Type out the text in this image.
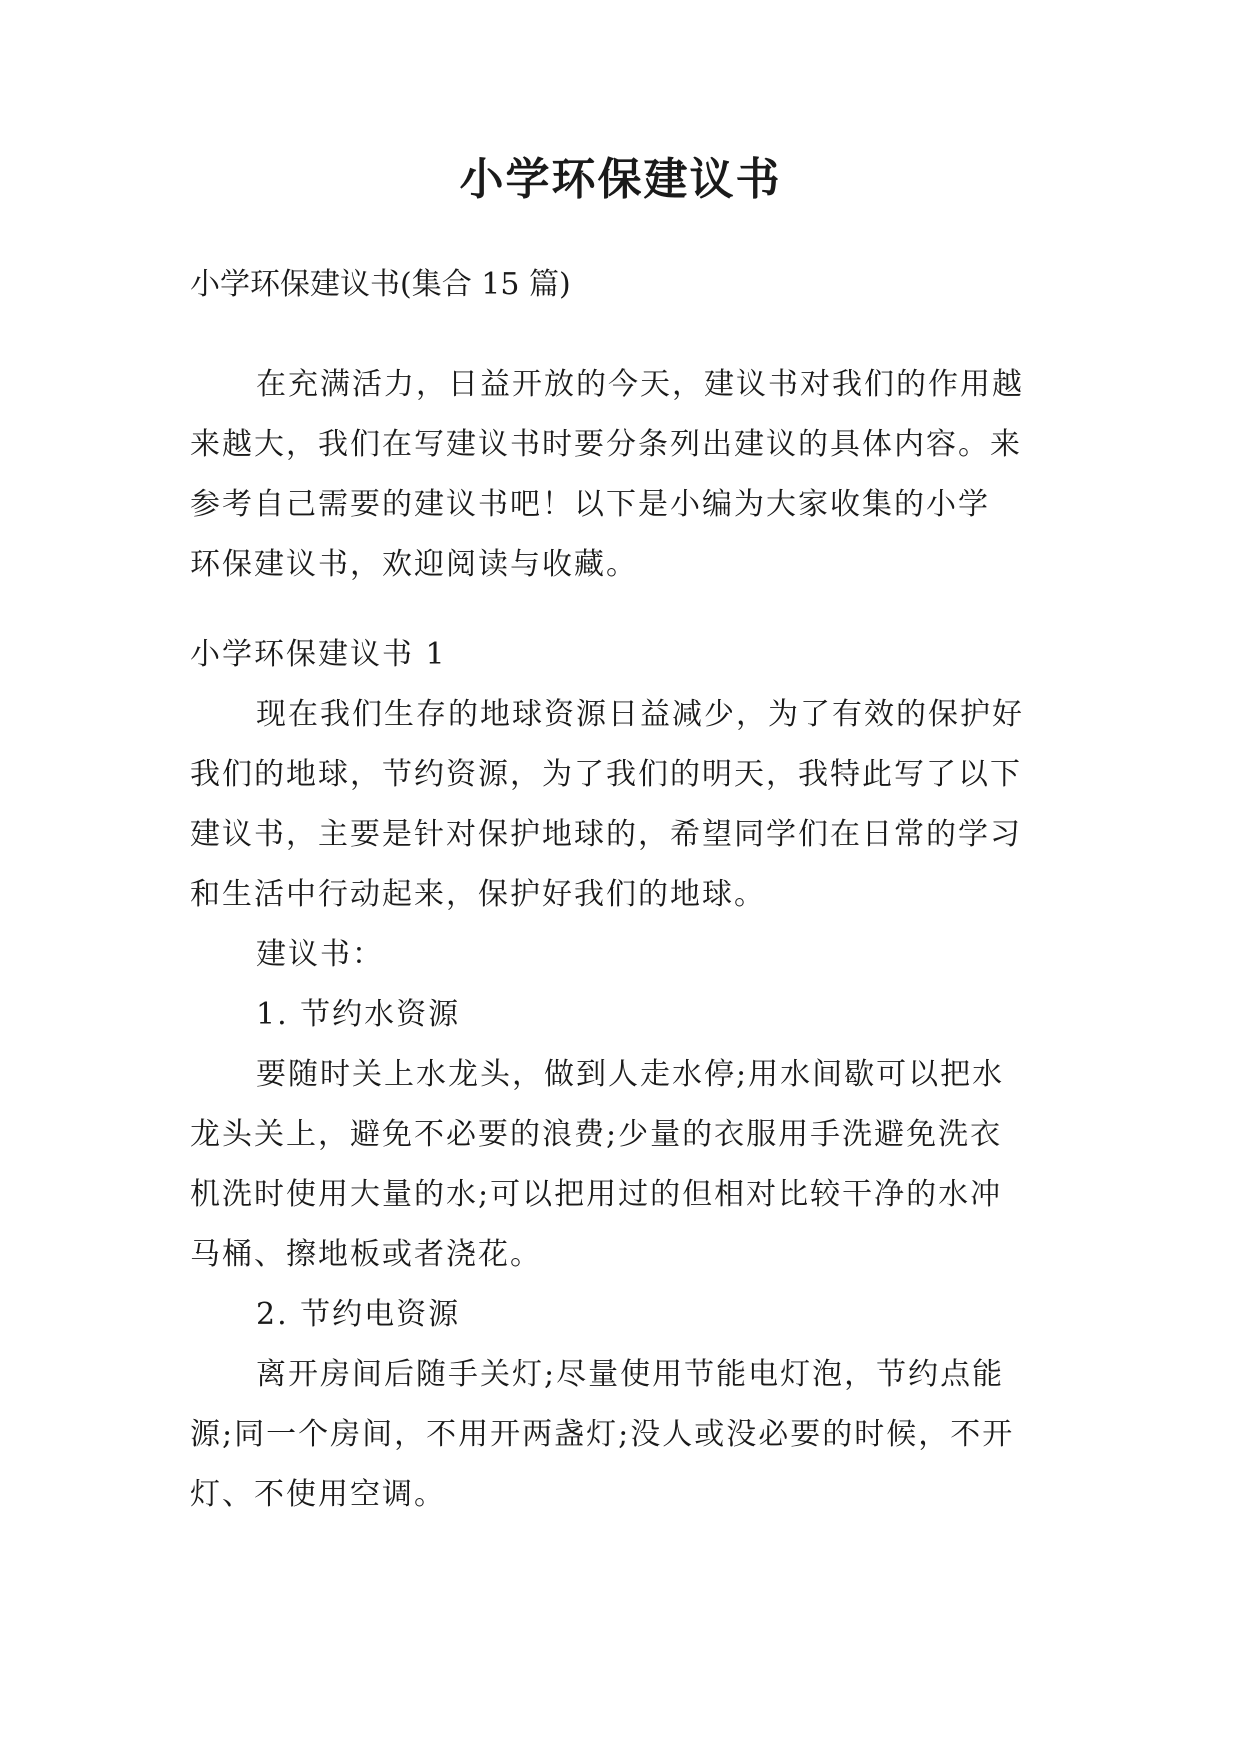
小学环保建议书
小学环保建议书(集合 15 篇)

在充满活力，日益开放的今天，建议书对我们的作用越

来越大，我们在写建议书时要分条列出建议的具体内容。来

参考自己需要的建议书吧！以下是小编为大家收集的小学

环保建议书，欢迎阅读与收藏。

小学环保建议书 1

现在我们生存的地球资源日益减少，为了有效的保护好

我们的地球，节约资源，为了我们的明天，我特此写了以下

建议书，主要是针对保护地球的，希望同学们在日常的学习

和生活中行动起来，保护好我们的地球。

建议书：

1. 节约水资源

要随时关上水龙头，做到人走水停;用水间歇可以把水

龙头关上，避免不必要的浪费;少量的衣服用手洗避免洗衣

机洗时使用大量的水;可以把用过的但相对比较干净的水冲

马桶、擦地板或者浇花。

2. 节约电资源

离开房间后随手关灯;尽量使用节能电灯泡，节约点能

源;同一个房间，不用开两盏灯;没人或没必要的时候，不开

灯、不使用空调。
